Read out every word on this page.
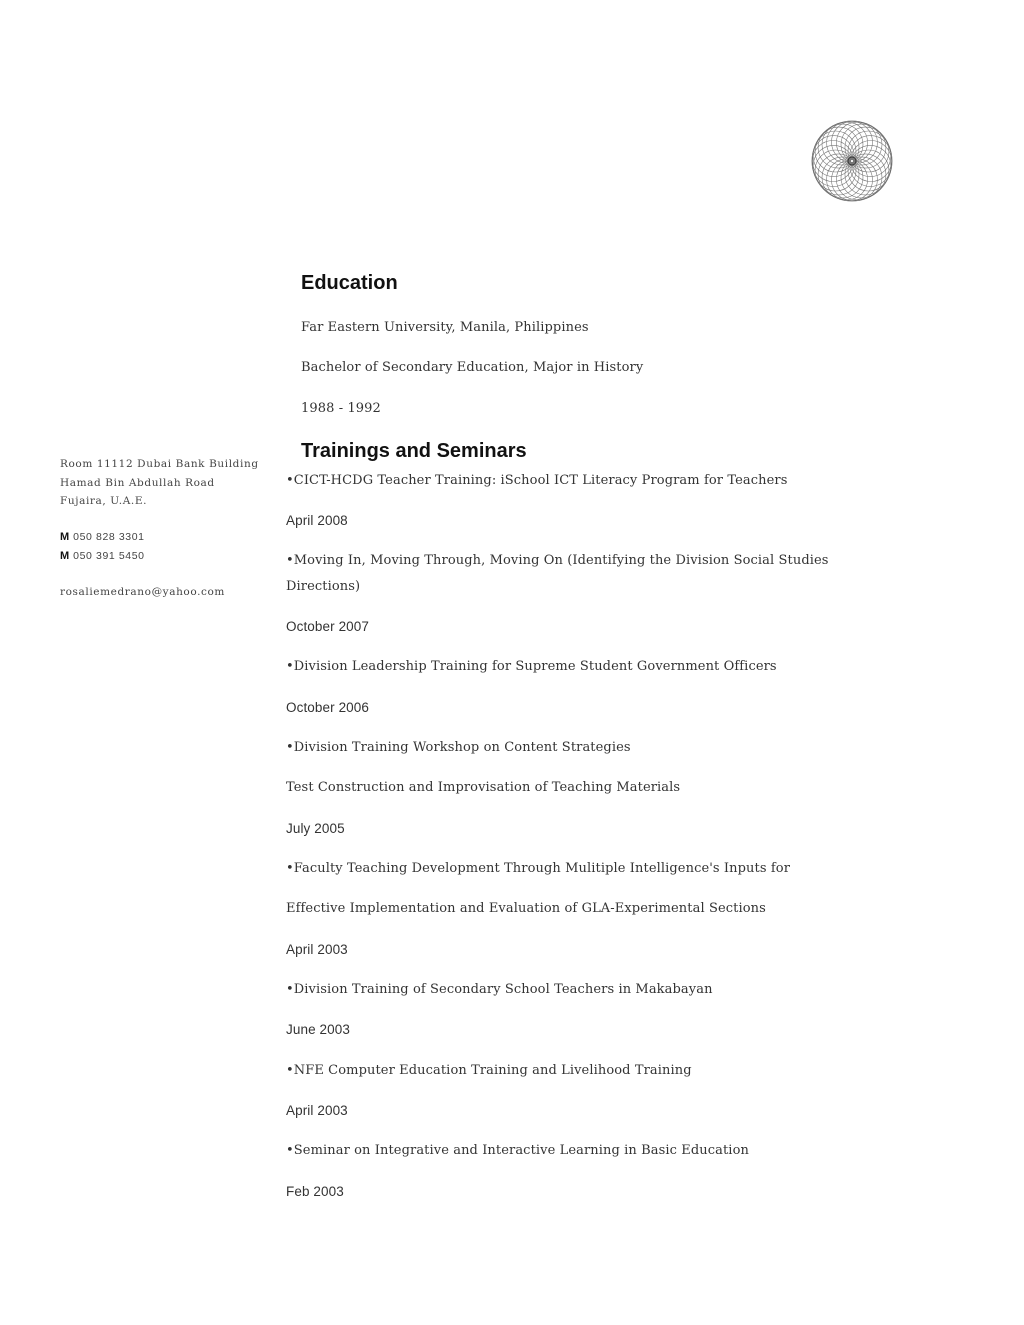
Room 11112 Dubai Bank Building
Hamad Bin Abdullah Road
Fujaira, U.A.E.
M 050 828 3301
M 050 391 5450
rosaliemedrano@yahoo.com
Education
Far Eastern University, Manila, Philippines
Bachelor of Secondary Education, Major in History
1988 - 1992
Trainings and Seminars
•CICT-HCDG Teacher Training: iSchool ICT Literacy Program for Teachers
April 2008
•Moving In, Moving Through, Moving On (Identifying the Division Social Studies
Directions)
October 2007
•Division Leadership Training for Supreme Student Government Officers
October 2006
•Division Training Workshop on Content Strategies
Test Construction and Improvisation of Teaching Materials
July 2005
•Faculty Teaching Development Through Mulitiple Intelligence's Inputs for
Effective Implementation and Evaluation of GLA-Experimental Sections
April 2003
•Division Training of Secondary School Teachers in Makabayan
June 2003
•NFE Computer Education Training and Livelihood Training
April 2003
•Seminar on Integrative and Interactive Learning in Basic Education
Feb 2003
